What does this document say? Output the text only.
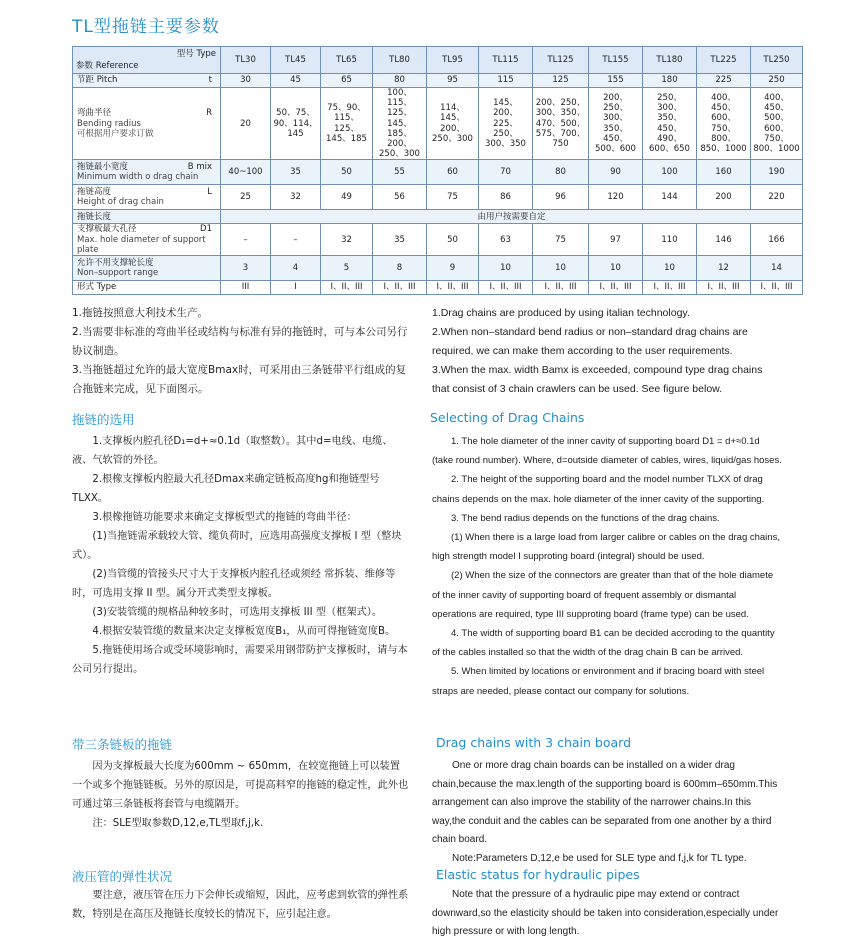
TL型拖链主要参数
型号 Type
参数 Reference	TL30	TL45	TL65	TL80	TL95	TL115	TL125	TL155	TL180	TL225	TL250
节距 Pitch t	30	45	65	80	95	115	125	155	180	225	250
弯曲半径 R
Bending radius
可根据用户要求订做	20	50、75、90、114、145	75、90、115、125、145、185	100、115、125、145、185、200、250、300	114、145、200、250、300	145、200、225、250、300、350	200、250、300、350、470、500、575、700、750	200、250、300、350、450、500、600	250、300、350、450、490、600、650	400、450、600、750、800、850、1000	400、450、500、600、750、800、1000
拖链最小宽度 B mix
Minimum width o drag chain	40~100	35	50	55	60	70	80	90	100	160	190
拖链高度 L
Height of drag chain	25	32	49	56	75	86	96	120	144	200	220
拖链长度	由用户按需要自定										
支撑板最大孔径 D1
Max. hole diameter of support plate	–	–	32	35	50	63	75	97	110	146	166
允许不用支撑轮长度
Non–support range	3	4	5	8	9	10	10	10	10	12	14
形式 Type	III	I	I、II、III	I、II、III	I、II、III	I、II、III	I、II、III	I、II、III	I、II、III	I、II、III	I、II、III

1.拖链按照意大利技术生产。

2.当需要非标准的弯曲半径或结构与标准有异的拖链时，可与本公司另行协议制造。

3.当拖链超过允许的最大宽度Bmax时，可采用由三条链带平行组成的复合拖链来完成，见下面图示。

1.Drag chains are produced by using italian technology.

2.When non–standard bend radius or non–standard drag chains are required, we can make them according to the user requirements.

3.When the max. width Bamx is exceeded, compound type drag chains that consist of 3 chain crawlers can be used. See figure below.

拖链的选用	Selecting of Drag Chains

1.支撑板内腔孔径D₁=d+≈0.1d（取整数）。其中d=电线、电缆、液、气软管的外径。

2.根橡支撑板内腔最大孔径Dmax来确定链板高度hg和拖链型号TLXX。

3.根橡拖链功能要求来确定支撑板型式的拖链的弯曲半径：

(1)当拖链需承载较大管、缆负荷时，应选用高强度支撑板 I 型（整块式）。

(2)当管缆的管接头尺寸大于支撑板内腔孔径或须经 常拆装、维修等时，可选用支撑 II 型。属分开式类型支撑板。

(3)安装管缆的规格品种较多时，可选用支撑板 III 型（框架式）。

4.根据安装管缆的数量来决定支撑板宽度B₁，从而可得拖链宽度B。

5.拖链使用场合或受环境影响时，需要采用钢带防护支撑板时，请与本公司另行提出。

1. The hole diameter of the inner cavity of supporting board D1 = d+≈0.1d (take round number). Where, d=outside diameter of cables, wires, liquid/gas hoses.

2. The height of the supporting board and the model number TLXX of drag chains depends on the max. hole diameter of the inner cavity of the supporting.

3. The bend radius depends on the functions of the drag chains.

(1) When there is a large load from larger calibre or cables on the drag chains, high strength model I supproting board (integral) should be used.

(2) When the size of the connectors are greater than that of the hole diamete of the inner cavity of supporting board of frequent assembly or dismantal operations are required, type III supproting board (frame type) can be used.

4. The width of supporting board B1 can be decided accroding to the quantity of the cables installed so that the width of the drag chain B can be arrived.

5. When limited by locations or environment and if bracing board with steel straps are needed, please contact our company for solutions.

带三条链板的拖链	Drag chains with 3 chain board

因为支撑板最大长度为600mm ~ 650mm，在较宽拖链上可以装置一个或多个拖链链板。另外的原因是，可提高料窄的拖链的稳定性，此外也可通过第三条链板将套管与电缆隔开。

注：SLE型取参数D,12,e,TL型取f,j,k.

One or more drag chain boards can be installed on a wider drag chain,because the max.length of the supporting board is 600mm–650mm.This arrangement can also improve the stability of the narrower chains.In this way,the conduit and the cables can be separated from one another by a third chain board.

Note:Parameters D,12,e be used for SLE type and f,j,k for TL type.

液压管的弹性状况	Elastic status for hydraulic pipes

要注意，液压管在压力下会伸长或缩短，因此，应考虑到软管的弹性系数，特别是在高压及拖链长度较长的情况下，应引起注意。

Note that the pressure of a hydraulic pipe may extend or contract downward,so the elasticity should be taken into consideration,especially under high pressure or with long length.
